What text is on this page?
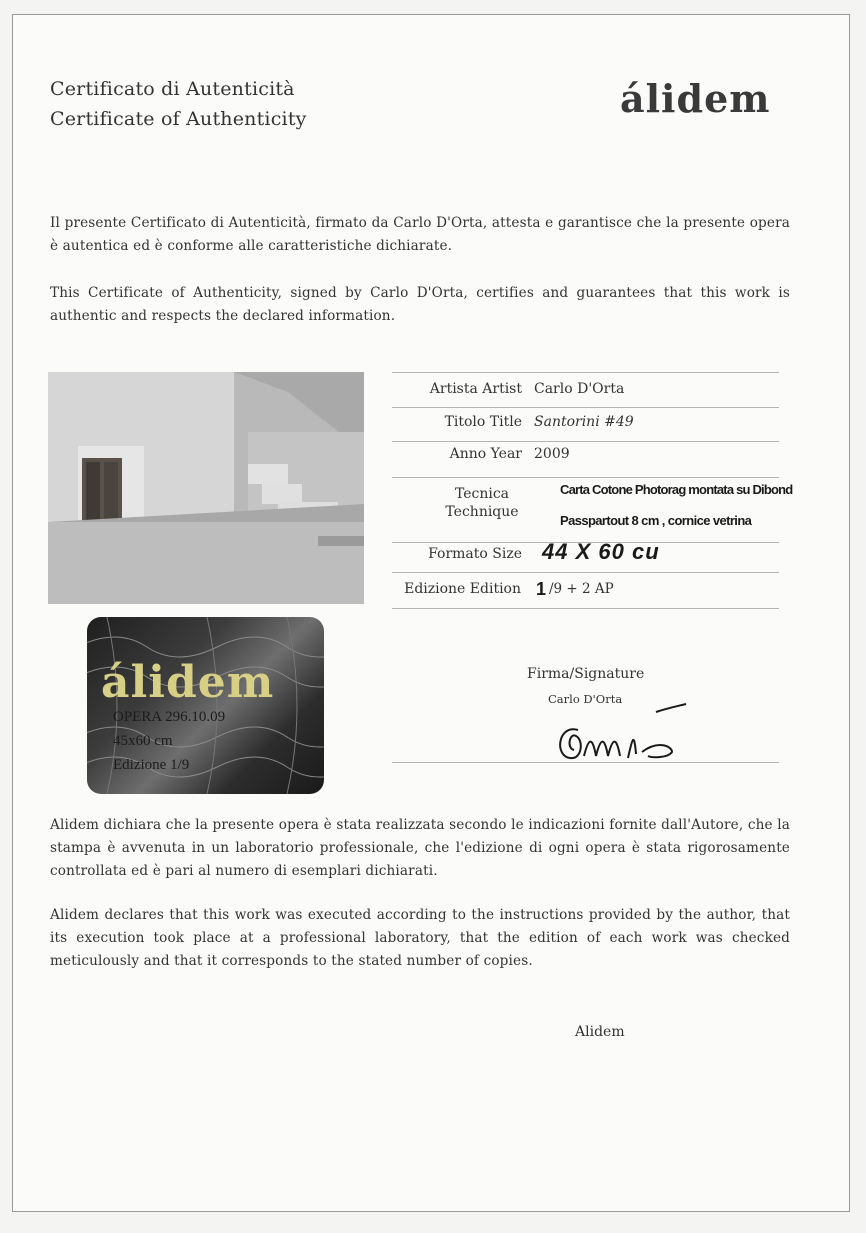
Certificato di Autenticità
Certificate of Authenticity	álidem
Il presente Certificato di Autenticità, firmato da Carlo D'Orta, attesta e garantisce che la presente opera è autentica ed è conforme alle caratteristiche dichiarate.
This Certificate of Authenticity, signed by Carlo D'Orta, certifies and guarantees that this work is authentic and respects the declared information.
álidem
OPERA 296.10.09
45x60 cm
Edizione 1/9
Artista Artist Carlo D'Orta
Titolo Title Santorini #49
Anno Year 2009
Tecnica
Technique
Carta Cotone Photorag montata su Dibond
Passpartout 8 cm , cornice vetrina
Formato Size 44 X 60 cu
Edizione Edition 1 /9 + 2 AP
Firma/Signature
Carlo D'Orta
Alidem dichiara che la presente opera è stata realizzata secondo le indicazioni fornite dall'Autore, che la stampa è avvenuta in un laboratorio professionale, che l'edizione di ogni opera è stata rigorosamente controllata ed è pari al numero di esemplari dichiarati.
Alidem declares that this work was executed according to the instructions provided by the author, that its execution took place at a professional laboratory, that the edition of each work was checked meticulously and that it corresponds to the stated number of copies.
Alidem
